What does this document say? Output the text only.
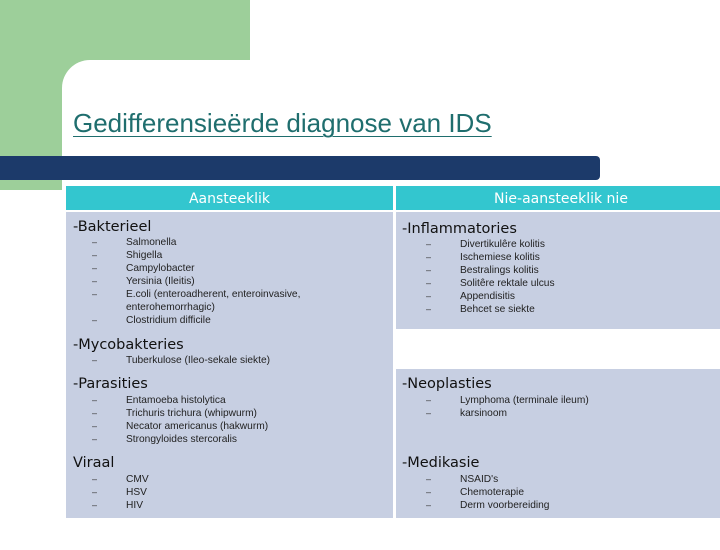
Gedifferensieërde diagnose van IDS
Aansteeklik	Nie-aansteeklik nie
-Bakterieel
–	Salmonella
–	Shigella
–	Campylobacter
–	Yersinia (Ileitis)
–	E.coli (enteroadherent, enteroinvasive,
enterohemorrhagic)
–	Clostridium difficile
-Mycobakteries
–	Tuberkulose (Ileo-sekale siekte)
-Parasities
–	Entamoeba histolytica
–	Trichuris trichura (whipwurm)
–	Necator americanus (hakwurm)
–	Strongyloides stercoralis
Viraal
–	CMV
–	HSV
–	HIV
-Inflammatories
–	Divertikulêre kolitis
–	Ischemiese kolitis
–	Bestralings kolitis
–	Solitêre rektale ulcus
–	Appendisitis
–	Behcet se siekte
-Neoplasties
–	Lymphoma (terminale ileum)
–	karsinoom
-Medikasie
–	NSAID's
–	Chemoterapie
–	Derm voorbereiding
